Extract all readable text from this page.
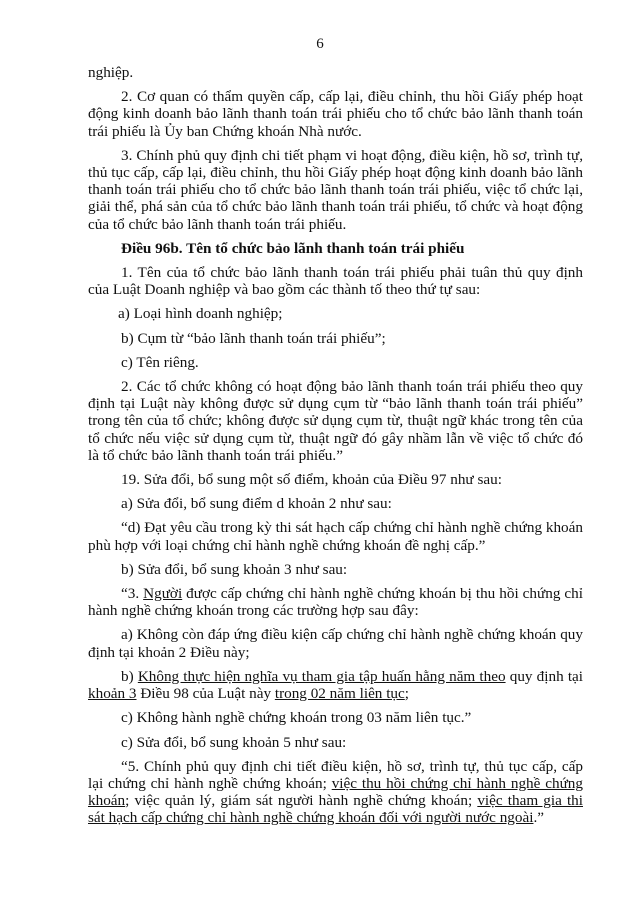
6

nghiệp.

2. Cơ quan có thẩm quyền cấp, cấp lại, điều chỉnh, thu hồi Giấy phép hoạt động kinh doanh bảo lãnh thanh toán trái phiếu cho tổ chức bảo lãnh thanh toán trái phiếu là Ủy ban Chứng khoán Nhà nước.

3. Chính phủ quy định chi tiết phạm vi hoạt động, điều kiện, hồ sơ, trình tự, thủ tục cấp, cấp lại, điều chỉnh, thu hồi Giấy phép hoạt động kinh doanh bảo lãnh thanh toán trái phiếu cho tổ chức bảo lãnh thanh toán trái phiếu, việc tổ chức lại, giải thể, phá sản của tổ chức bảo lãnh thanh toán trái phiếu, tổ chức và hoạt động của tổ chức bảo lãnh thanh toán trái phiếu.

Điều 96b. Tên tổ chức bảo lãnh thanh toán trái phiếu

1. Tên của tổ chức bảo lãnh thanh toán trái phiếu phải tuân thủ quy định của Luật Doanh nghiệp và bao gồm các thành tố theo thứ tự sau:

a) Loại hình doanh nghiệp;

b) Cụm từ “bảo lãnh thanh toán trái phiếu”;

c) Tên riêng.

2. Các tổ chức không có hoạt động bảo lãnh thanh toán trái phiếu theo quy định tại Luật này không được sử dụng cụm từ “bảo lãnh thanh toán trái phiếu” trong tên của tổ chức; không được sử dụng cụm từ, thuật ngữ khác trong tên của tổ chức nếu việc sử dụng cụm từ, thuật ngữ đó gây nhầm lẫn về việc tổ chức đó là tổ chức bảo lãnh thanh toán trái phiếu.”

19. Sửa đổi, bổ sung một số điểm, khoản của Điều 97 như sau:

a) Sửa đổi, bổ sung điểm d khoản 2 như sau:

“d) Đạt yêu cầu trong kỳ thi sát hạch cấp chứng chỉ hành nghề chứng khoán phù hợp với loại chứng chỉ hành nghề chứng khoán đề nghị cấp.”

b) Sửa đổi, bổ sung khoản 3 như sau:

“3. Người được cấp chứng chỉ hành nghề chứng khoán bị thu hồi chứng chỉ hành nghề chứng khoán trong các trường hợp sau đây:

a) Không còn đáp ứng điều kiện cấp chứng chỉ hành nghề chứng khoán quy định tại khoản 2 Điều này;

b) Không thực hiện nghĩa vụ tham gia tập huấn hằng năm theo quy định tại khoản 3 Điều 98 của Luật này trong 02 năm liên tục;

c) Không hành nghề chứng khoán trong 03 năm liên tục.”

c) Sửa đổi, bổ sung khoản 5 như sau:

“5. Chính phủ quy định chi tiết điều kiện, hồ sơ, trình tự, thủ tục cấp, cấp lại chứng chỉ hành nghề chứng khoán; việc thu hồi chứng chỉ hành nghề chứng khoán; việc quản lý, giám sát người hành nghề chứng khoán; việc tham gia thi sát hạch cấp chứng chỉ hành nghề chứng khoán đối với người nước ngoài.”
